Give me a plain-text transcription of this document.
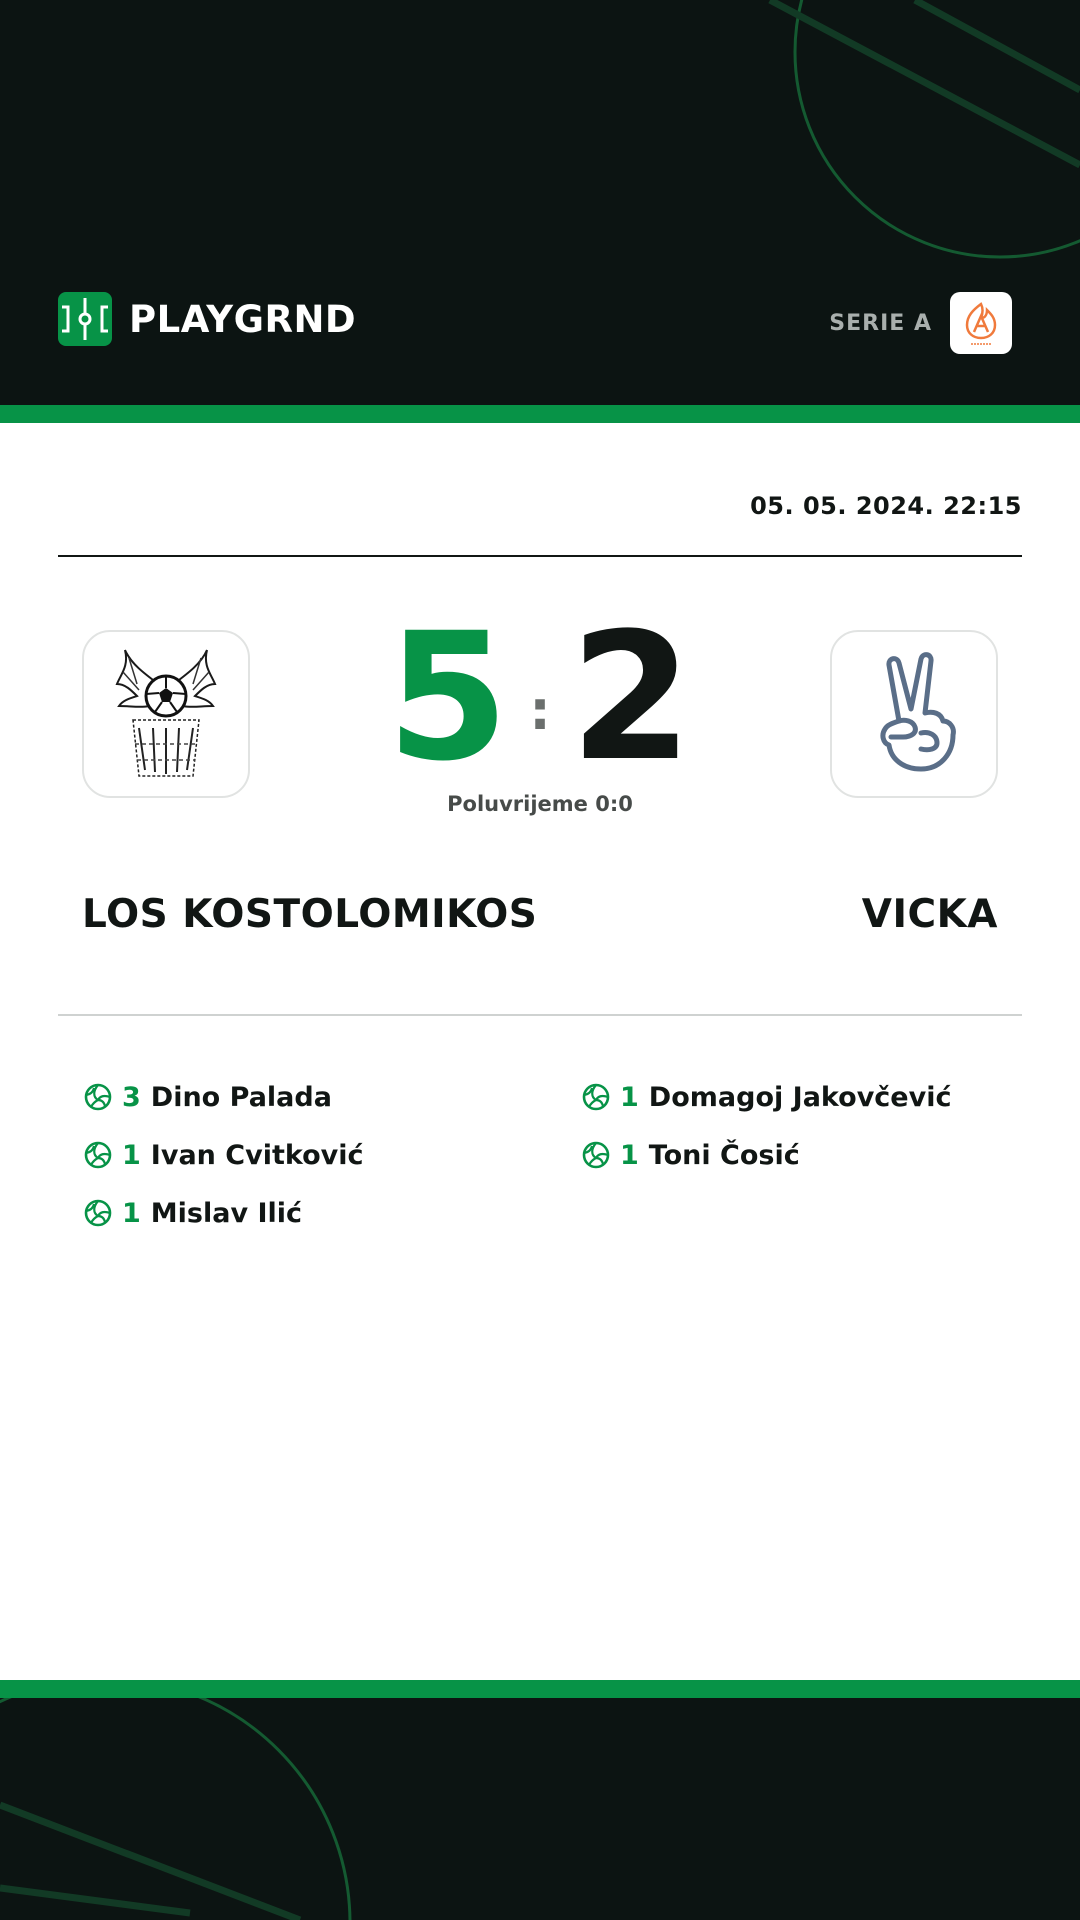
PLAYGRND	SERIE A
05. 05. 2024. 22:15
5 : 2
Poluvrijeme 0:0
LOS KOSTOLOMIKOS	VICKA
3 Dino Palada
1 Ivan Cvitković
1 Mislav Ilić
1 Domagoj Jakovčević
1 Toni Čosić
